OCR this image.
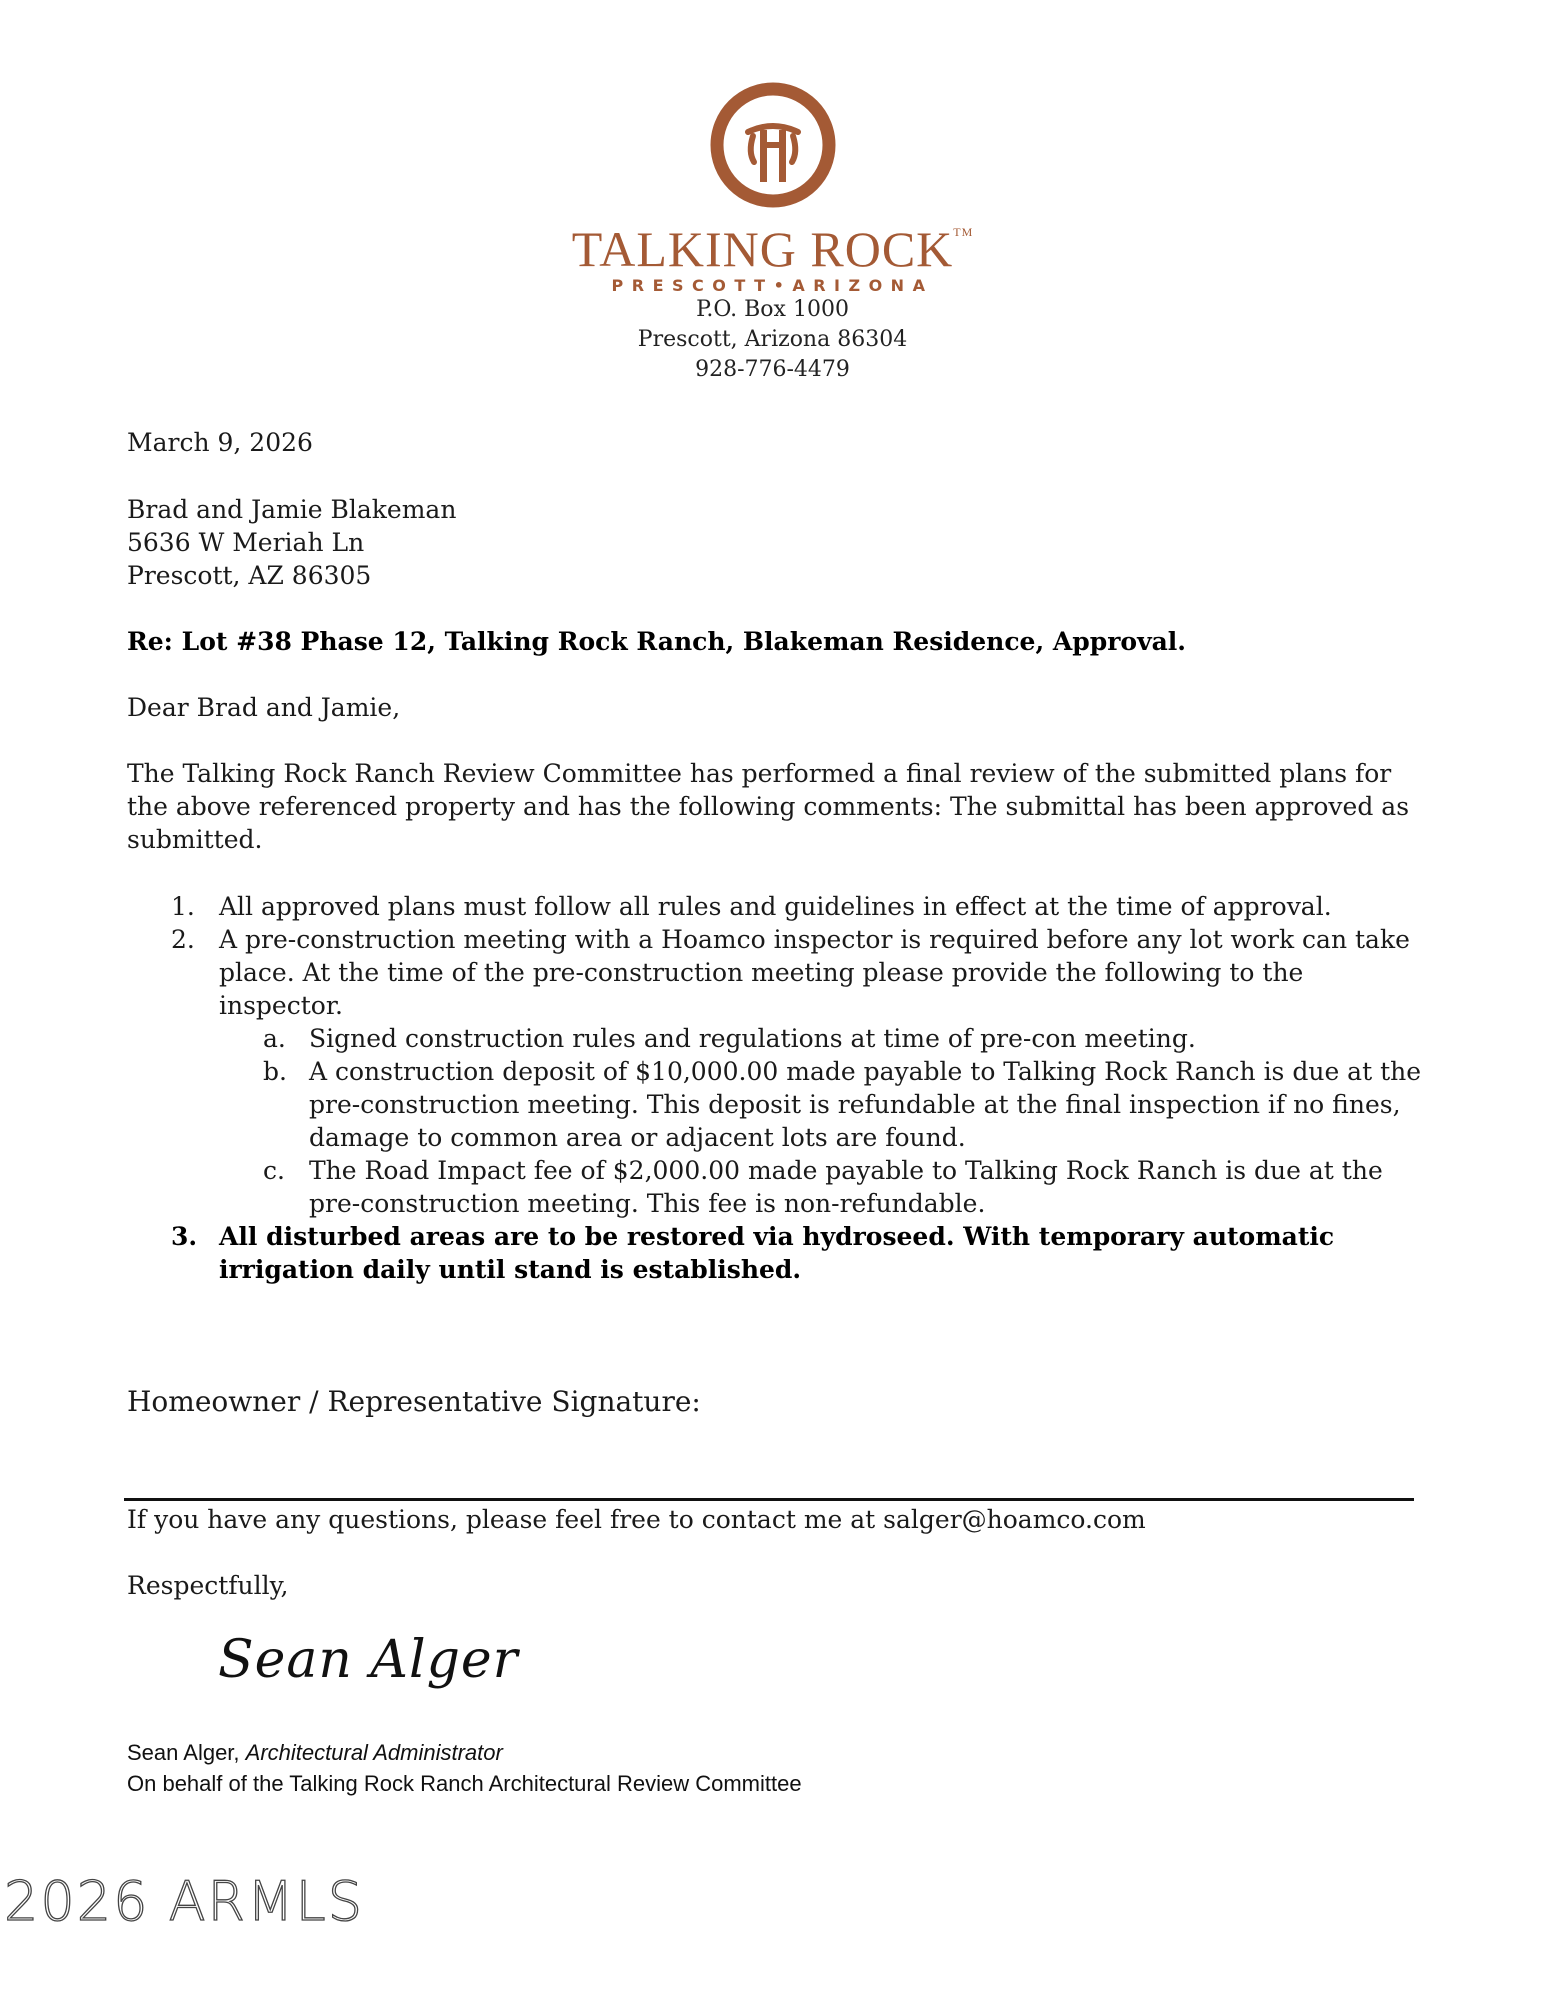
TALKING ROCK™
PRESCOTT•ARIZONA
P.O. Box 1000
Prescott, Arizona 86304
928-776-4479
March 9, 2026
Brad and Jamie Blakeman
5636 W Meriah Ln
Prescott, AZ 86305
Re: Lot #38 Phase 12, Talking Rock Ranch, Blakeman Residence, Approval.
Dear Brad and Jamie,
The Talking Rock Ranch Review Committee has performed a final review of the submitted plans for the above referenced property and has the following comments: The submittal has been approved as submitted.
1. All approved plans must follow all rules and guidelines in effect at the time of approval.
2. A pre-construction meeting with a Hoamco inspector is required before any lot work can take place. At the time of the pre-construction meeting please provide the following to the inspector.
a. Signed construction rules and regulations at time of pre-con meeting.
b. A construction deposit of $10,000.00 made payable to Talking Rock Ranch is due at the pre-construction meeting. This deposit is refundable at the final inspection if no fines, damage to common area or adjacent lots are found.
c. The Road Impact fee of $2,000.00 made payable to Talking Rock Ranch is due at the pre-construction meeting. This fee is non-refundable.
3. All disturbed areas are to be restored via hydroseed. With temporary automatic irrigation daily until stand is established.
Homeowner / Representative Signature:
If you have any questions, please feel free to contact me at salger@hoamco.com
Respectfully,
Sean Alger
Sean Alger, Architectural Administrator
On behalf of the Talking Rock Ranch Architectural Review Committee
2026 ARMLS
